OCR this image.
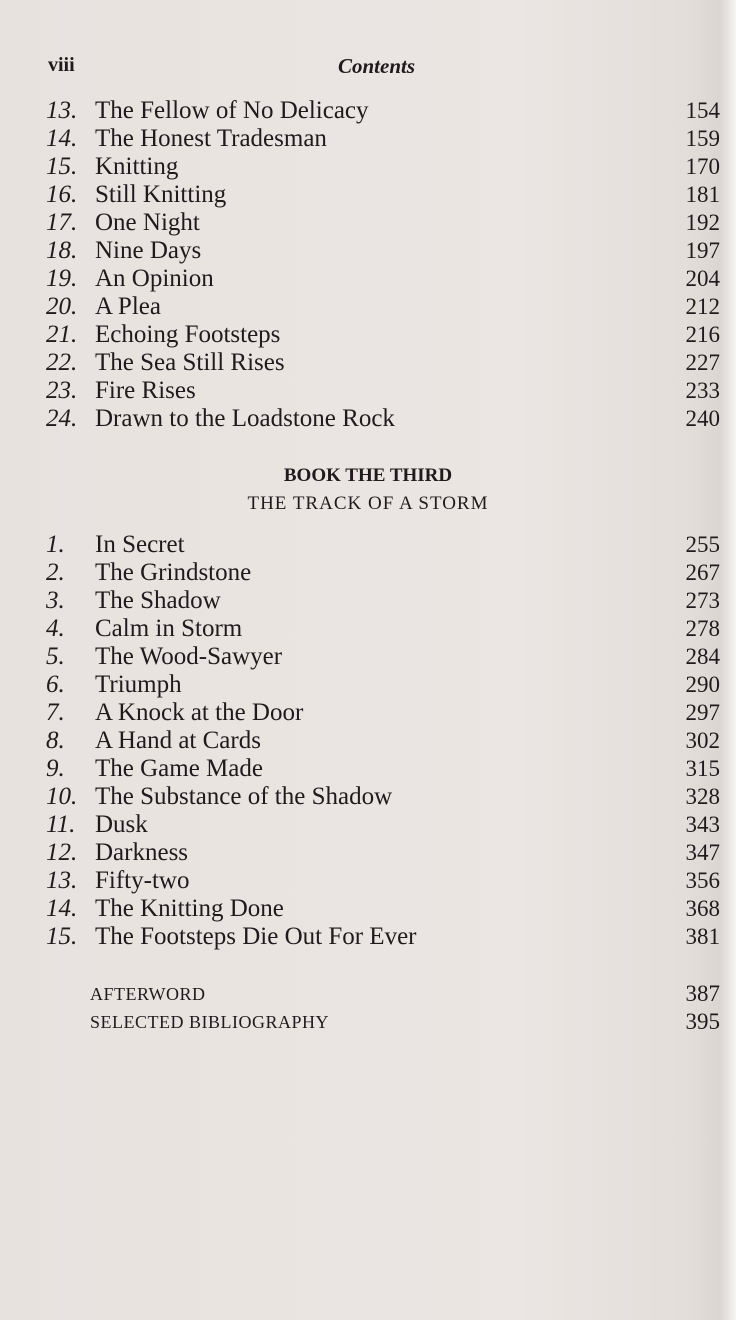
viii	Contents
13. The Fellow of No Delicacy	154
14. The Honest Tradesman	159
15. Knitting	170
16. Still Knitting	181
17. One Night	192
18. Nine Days	197
19. An Opinion	204
20. A Plea	212
21. Echoing Footsteps	216
22. The Sea Still Rises	227
23. Fire Rises	233
24. Drawn to the Loadstone Rock	240
BOOK THE THIRD
THE TRACK OF A STORM
1. In Secret	255
2. The Grindstone	267
3. The Shadow	273
4. Calm in Storm	278
5. The Wood-Sawyer	284
6. Triumph	290
7. A Knock at the Door	297
8. A Hand at Cards	302
9. The Game Made	315
10. The Substance of the Shadow	328
11. Dusk	343
12. Darkness	347
13. Fifty-two	356
14. The Knitting Done	368
15. The Footsteps Die Out For Ever	381
AFTERWORD	387
SELECTED BIBLIOGRAPHY	395
